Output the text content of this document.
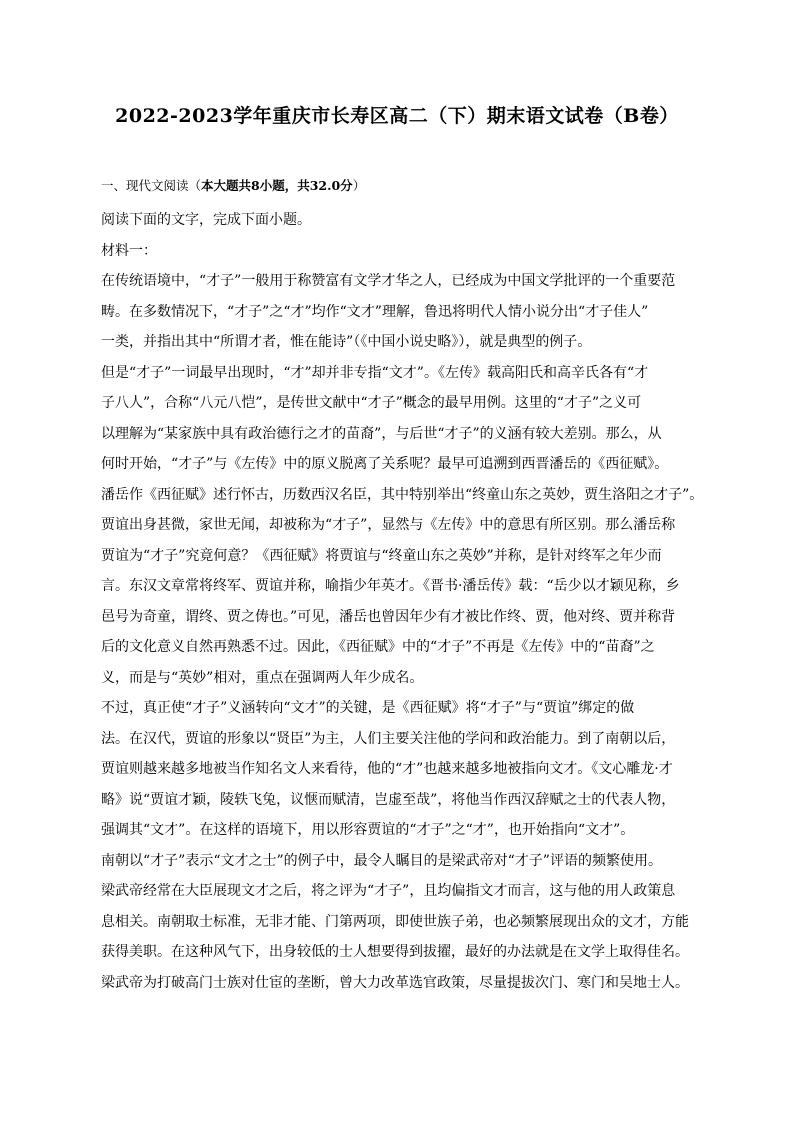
2022-2023学年重庆市长寿区高二（下）期末语文试卷（B卷）
一、现代文阅读（本大题共8小题，共32.0分）
阅读下面的文字，完成下面小题。
材料一：
在传统语境中，“才子”一般用于称赞富有文学才华之人，已经成为中国文学批评的一个重要范
畴。在多数情况下，“才子”之“才”均作“文才”理解，鲁迅将明代人情小说分出“才子佳人”
一类，并指出其中“所谓才者，惟在能诗”（《中国小说史略》），就是典型的例子。
但是“才子”一词最早出现时，“才”却并非专指“文才”。《左传》载高阳氏和高辛氏各有“才
子八人”，合称“八元八恺”，是传世文献中“才子”概念的最早用例。这里的“才子”之义可
以理解为“某家族中具有政治德行之才的苗裔”，与后世“才子”的义涵有较大差别。那么，从
何时开始，“才子”与《左传》中的原义脱离了关系呢？最早可追溯到西晋潘岳的《西征赋》。
潘岳作《西征赋》述行怀古，历数西汉名臣，其中特别举出“终童山东之英妙，贾生洛阳之才子”。
贾谊出身甚微，家世无闻，却被称为“才子”，显然与《左传》中的意思有所区别。那么潘岳称
贾谊为“才子”究竟何意？《西征赋》将贾谊与“终童山东之英妙”并称，是针对终军之年少而
言。东汉文章常将终军、贾谊并称，喻指少年英才。《晋书·潘岳传》载：“岳少以才颖见称，乡
邑号为奇童，谓终、贾之俦也。”可见，潘岳也曾因年少有才被比作终、贾，他对终、贾并称背
后的文化意义自然再熟悉不过。因此，《西征赋》中的“才子”不再是《左传》中的“苗裔”之
义，而是与“英妙”相对，重点在强调两人年少成名。
不过，真正使“才子”义涵转向“文才”的关键，是《西征赋》将“才子”与“贾谊”绑定的做
法。在汉代，贾谊的形象以“贤臣”为主，人们主要关注他的学问和政治能力。到了南朝以后，
贾谊则越来越多地被当作知名文人来看待，他的“才”也越来越多地被指向文才。《文心雕龙·才
略》说“贾谊才颖，陵轶飞兔，议惬而赋清，岂虚至哉”，将他当作西汉辞赋之士的代表人物，
强调其“文才”。在这样的语境下，用以形容贾谊的“才子”之“才”，也开始指向“文才”。
南朝以“才子”表示“文才之士”的例子中，最令人瞩目的是梁武帝对“才子”评语的频繁使用。
梁武帝经常在大臣展现文才之后，将之评为“才子”，且均偏指文才而言，这与他的用人政策息
息相关。南朝取士标准，无非才能、门第两项，即使世族子弟，也必频繁展现出众的文才，方能
获得美职。在这种风气下，出身较低的士人想要得到拔擢，最好的办法就是在文学上取得佳名。
梁武帝为打破高门士族对仕宦的垄断，曾大力改革选官政策，尽量提拔次门、寒门和吴地士人。
